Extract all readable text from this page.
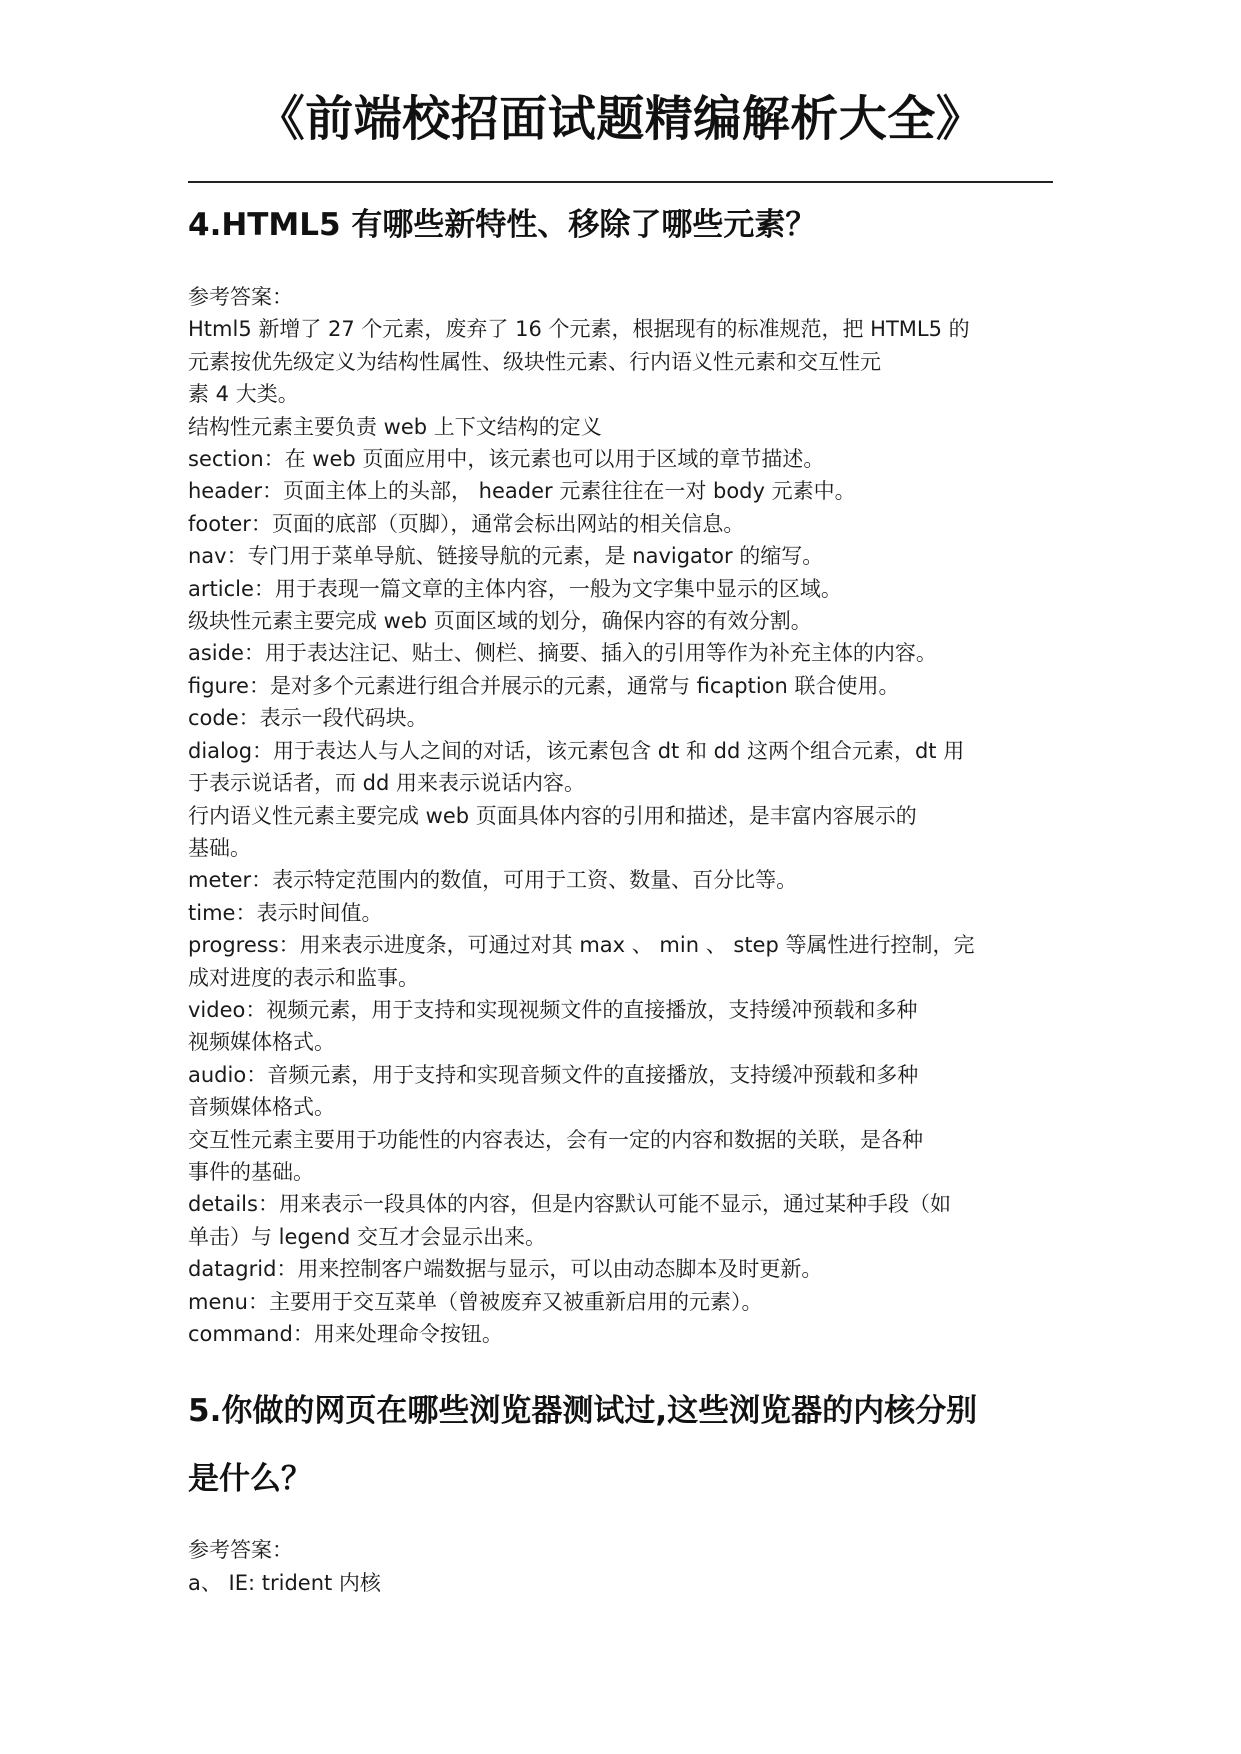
《前端校招面试题精编解析大全》
4.HTML5 有哪些新特性、移除了哪些元素？

参考答案：

Html5 新增了 27 个元素，废弃了 16 个元素，根据现有的标准规范，把 HTML5 的

元素按优先级定义为结构性属性、级块性元素、行内语义性元素和交互性元

素 4 大类。

结构性元素主要负责 web 上下文结构的定义

section：在 web 页面应用中，该元素也可以用于区域的章节描述。

header：页面主体上的头部， header 元素往往在一对 body 元素中。

footer：页面的底部（页脚），通常会标出网站的相关信息。

nav：专门用于菜单导航、链接导航的元素，是 navigator 的缩写。

article：用于表现一篇文章的主体内容，一般为文字集中显示的区域。

级块性元素主要完成 web 页面区域的划分，确保内容的有效分割。

aside：用于表达注记、贴士、侧栏、摘要、插入的引用等作为补充主体的内容。

figure：是对多个元素进行组合并展示的元素，通常与 ficaption 联合使用。

code：表示一段代码块。

dialog：用于表达人与人之间的对话，该元素包含 dt 和 dd 这两个组合元素，dt 用

于表示说话者，而 dd 用来表示说话内容。

行内语义性元素主要完成 web 页面具体内容的引用和描述，是丰富内容展示的

基础。

meter：表示特定范围内的数值，可用于工资、数量、百分比等。

time：表示时间值。

progress：用来表示进度条，可通过对其 max 、 min 、 step 等属性进行控制，完

成对进度的表示和监事。

video：视频元素，用于支持和实现视频文件的直接播放，支持缓冲预载和多种

视频媒体格式。

audio：音频元素，用于支持和实现音频文件的直接播放，支持缓冲预载和多种

音频媒体格式。

交互性元素主要用于功能性的内容表达，会有一定的内容和数据的关联，是各种

事件的基础。

details：用来表示一段具体的内容，但是内容默认可能不显示，通过某种手段（如

单击）与 legend 交互才会显示出来。

datagrid：用来控制客户端数据与显示，可以由动态脚本及时更新。

menu：主要用于交互菜单（曾被废弃又被重新启用的元素）。

command：用来处理命令按钮。

5.你做的网页在哪些浏览器测试过,这些浏览器的内核分别
是什么？

参考答案：

a、 IE: trident 内核
